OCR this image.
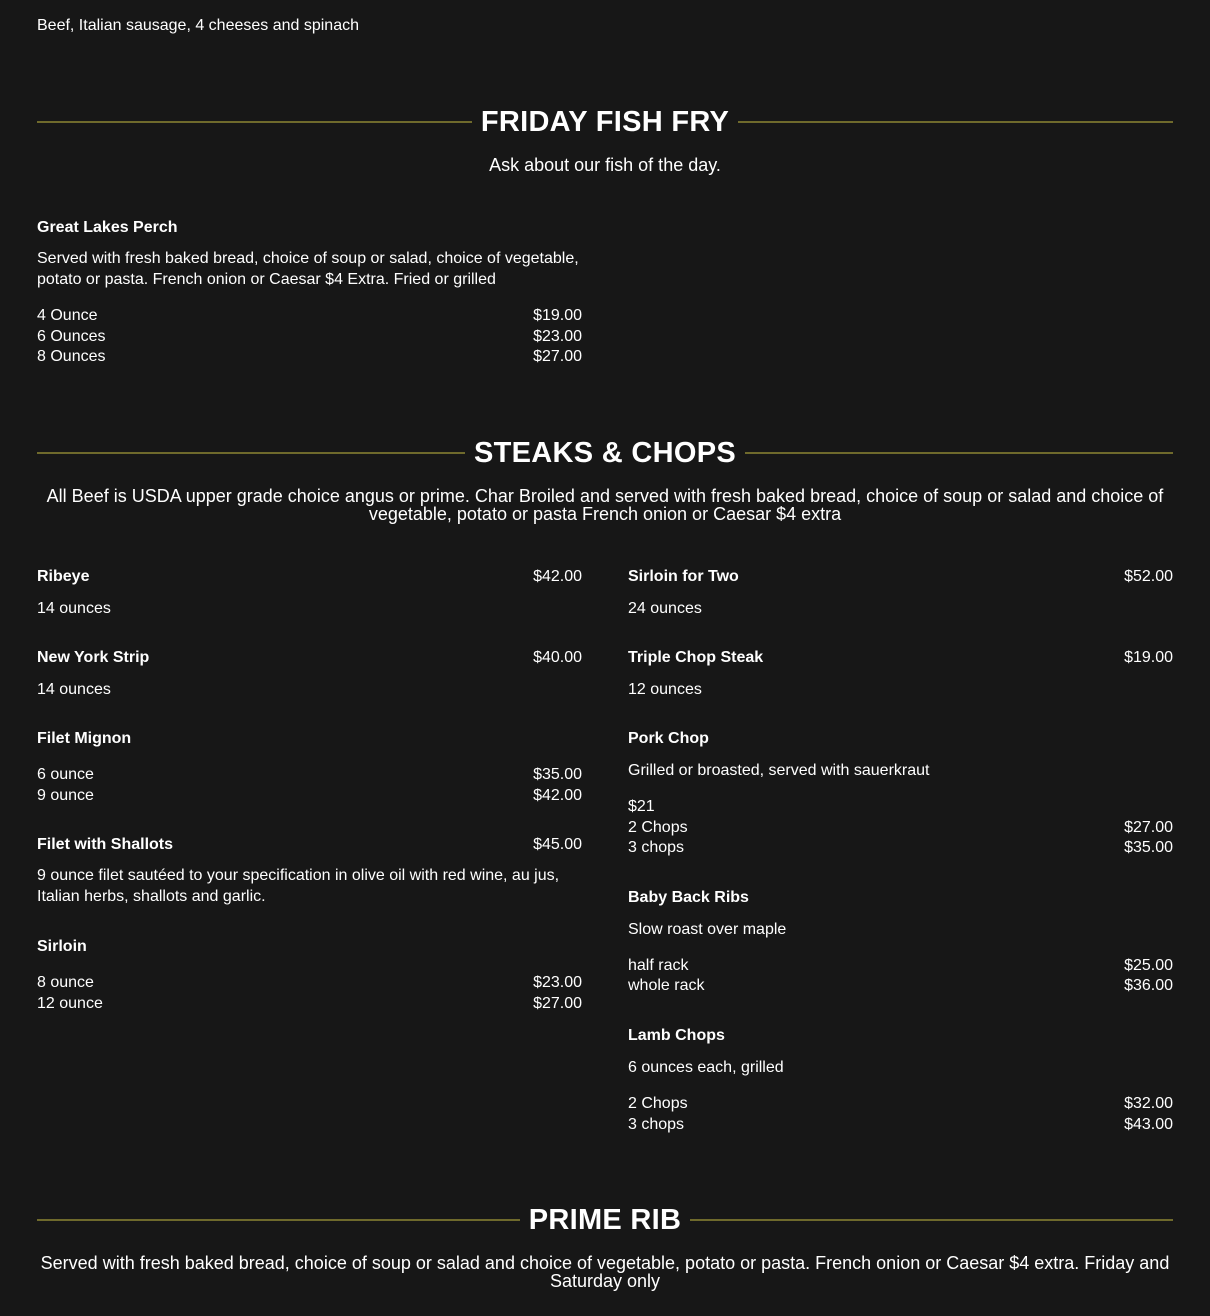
Beef, Italian sausage, 4 cheeses and spinach
FRIDAY FISH FRY
Ask about our fish of the day.
Great Lakes Perch
Served with fresh baked bread, choice of soup or salad, choice of vegetable, potato or pasta. French onion or Caesar $4 Extra. Fried or grilled
4 Ounce	$19.00
6 Ounces	$23.00
8 Ounces	$27.00
STEAKS & CHOPS
All Beef is USDA upper grade choice angus or prime. Char Broiled and served with fresh baked bread, choice of soup or salad and choice of vegetable, potato or pasta French onion or Caesar $4 extra
Ribeye	$42.00
14 ounces
New York Strip	$40.00
14 ounces
Filet Mignon
6 ounce	$35.00
9 ounce	$42.00
Filet with Shallots	$45.00
9 ounce filet sautéed to your specification in olive oil with red wine, au jus, Italian herbs, shallots and garlic.
Sirloin
8 ounce	$23.00
12 ounce	$27.00
Sirloin for Two	$52.00
24 ounces
Triple Chop Steak	$19.00
12 ounces
Pork Chop
Grilled or broasted, served with sauerkraut
$21
2 Chops	$27.00
3 chops	$35.00
Baby Back Ribs
Slow roast over maple
half rack	$25.00
whole rack	$36.00
Lamb Chops
6 ounces each, grilled
2 Chops	$32.00
3 chops	$43.00
PRIME RIB
Served with fresh baked bread, choice of soup or salad and choice of vegetable, potato or pasta. French onion or Caesar $4 extra. Friday and Saturday only
